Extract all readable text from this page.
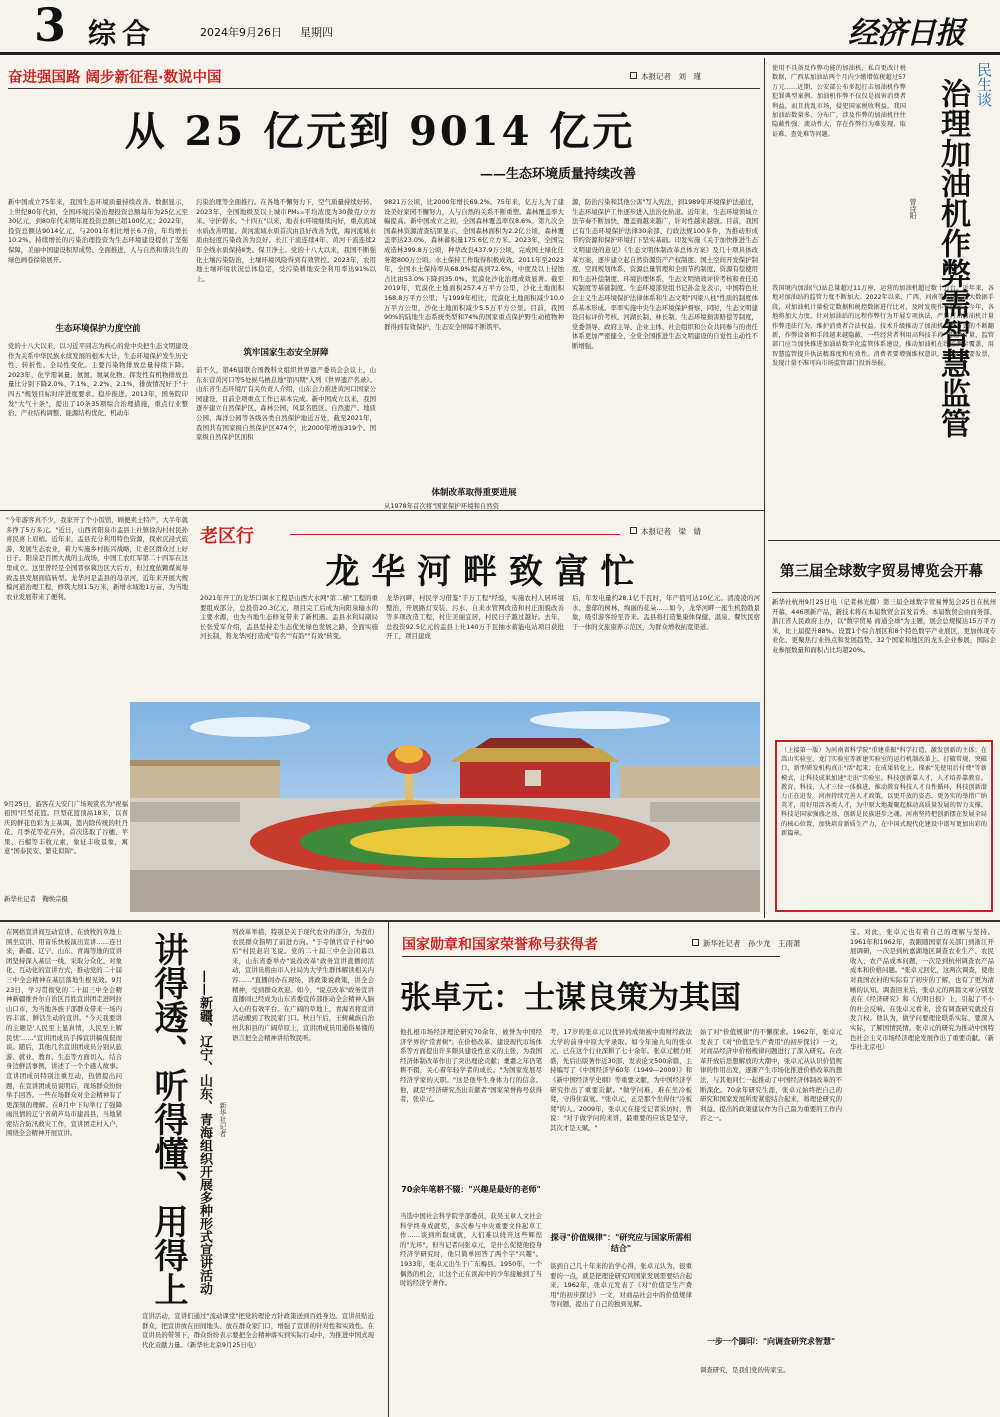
3 综合	2024年9月26日 星期四	经济日报
奋进强国路 阔步新征程·数说中国	本报记者　刘　瑾
从 25 亿元到 9014 亿元
——生态环境质量持续改善
新中国成立75年来，我国生态环境质量持续改善。数据显示，上世纪80年代初，全国环境污染治理投资总额每年为25亿元至30亿元，到80年代末期年度投资总额已超100亿元；2022年，投资总额达9014亿元，与2001年相比增长6.7倍，年均增长10.2%。持续增长的污染治理投资为生态环境建设提供了坚强保障，美丽中国建设积厚成势、全面推进，人与自然和谐共生的绿色画卷徐徐展开。
生态环境保护力度空前
党的十八大以来，以习近平同志为核心的党中央把生态文明建设作为关系中华民族永续发展的根本大计，生态环境保护发生历史性、转折性、全局性变化。主要污染物排放总量持续下降。2023年，化学需氧量、氨氮、氮氧化物、挥发性有机物排放总量比分别下降2.0%、7.1%、2.2%、2.1%，排放情况好于"十四五"规划目标时序进度要求。稳步推进。2013年，国务院印发"大气十条"，提出了10条35项综合治理措施，重点行业整治、产业结构调整、能源结构优化、机动车
污染治理等全面推行。在各地不懈努力下，空气质量持续好转。2023年，全国地级及以上城市PM₂.₅平均浓度为30微克/立方米。守护碧水。"十四五"以来，地表水环境继续向好，重点流域水质改善明显。黄河流域水质首次由良好改善为优，海河流域水质由轻度污染改善为良好。长江干流连续4年、黄河干流连续2年全线水质保持Ⅱ类。保卫净土。党的十八大以来，我国不断强化土壤污染防治，土壤环境风险得到有效管控。2023年，农用地土壤环境状况总体稳定，受污染耕地安全利用率达91%以上。
筑牢国家生态安全屏障
前不久，第46届联合国教科文组织世界遗产委员会会议上，山东东营黄河口等5处候鸟栖息地"第四期"入列《世界遗产名录》。山东省生态环境厅有关负责人介绍，山东会力推进黄河口国家公园建设，目前全项重点工作已基本完成。新中国成立以来，我国逐步建立自然保护区、森林公园、风景名胜区、自然遗产、地质公园、海洋公园等各级各类自然保护地近万处，截至2021年，我国共有国家级自然保护区474个，比2000年增加319个。国家级自然保护区面积
9821万公顷，比2000年增长69.2%。75年来，亿万人为了建设美好家园不懈努力，人与自然的关系不断重塑。森林覆盖率大幅提高。新中国成立之初，全国森林覆盖率仅8.6%。第九次全国森林资源清查结果显示，全国森林面积为2.2亿公顷，森林覆盖率达23.0%，森林蓄积量175.6亿立方米。2023年，全国完成造林399.8万公顷，种草改良437.9万公顷，完成国土绿化任务超800万公顷。水土保持工作取得积极成效。2011年至2023年，全国水土保持率从68.9%提高到72.6%，中度及以上侵蚀占比由53.0%下降到35.0%。荒漠化沙化治理成效显著。截至2019年，荒漠化土地面积257.4万平方公里，沙化土地面积168.8万平方公里；与1999年相比，荒漠化土地面积减少10.0万平方公里，沙化土地面积减少5.5万平方公里。目前，我国90%的陆地生态系统类型和74%的国家重点保护野生动植物种群得到有效保护，生态安全屏障不断筑牢。
体制改革取得重要进展
从1978年首次将"国家保护环境和自然资
源，防治污染和其他公害"写入宪法，到1989年环境保护法通过，生态环境保护工作逐步进入法治化轨道。近年来，生态环境领域立法节奏不断加快，覆盖面越来越广，针对性越来越强。目前，我国已有生态环境保护法律30余部、行政法规100多件，为推动形成节约资源和保护环境打下坚实基础。印发实施《关于加快推进生态文明建设的意见》《生态文明体制改革总体方案》及几十项具体改革方案，逐步建立起自然资源资产产权制度、国土空间开发保护制度、空间规划体系、资源总量管理和全面节约制度、资源有偿使用和生态补偿制度、环境治理体系、生态文明绩效评价考核和责任追究制度等基础制度。生态环境部党组书记孙金龙表示，中国特色社会主义生态环境保护法律体系和生态文明"四梁八柱"性质的制度体系基本形成。率率实施中央生态环境保护督察，同时，生态文明建设目标评价考核、河湖长制、林长制、生态环境损害赔偿等制度，党委领导、政府主导、企业主体、社会组织和公众共同参与的责任体系更加严密健全，全党全国推进生态文明建设的自觉性主动性不断增强。
民生谈
治理加油机作弊需智慧监管
曾诗阳
使用不具备反作弊功能的加油机，私自更改计税数据，广西某加油站两个月内少缴增值税超过57万元……近期，公安部公布多起打击加油机作弊犯罪典型案例。加油机作弊不仅仅是损害消费者利益，而且扰乱市场，侵犯国家税收利益。我国加油站数量多、分布广，涉及作弊的加油机往往隐蔽性强、流动性大，存在作弊行为难发现、取证难、查处难等问题。
我国境内加油(气)站总量超过11万座，运营的加油机超过数十万台。近年来，各地对加油站的监管力度不断加大。2022年以来，广西、河南等省份运用大数据手段，对加油机计量检定数据和税控数据进行比对，及时发现作弊线索。今年，各地将加大力度，针对加油站的远程作弊行为开展专项执法，严厉打击加油机计量作弊违法行为，维护消费者合法权益。技术升级推动了加油机作弊方式的不断翻新，作弊设备和手段越来越隐蔽，一些经营者利用高科技手段"遥控"计量，监管部门应当加快推进加油站数字化监管体系建设，推动加油机在线监测全覆盖，用智慧监管提升执法精准度和有效性。消费者要增强维权意识，加油后索要发票，发现计量不准可向市场监管部门投诉举报。
"今年游客真不少，我家开了个小饭馆，顾便卖土特产，大半年就多挣了5万多元。"近日，山西省阳泉市盂县上社镇徐沟村村民孙喜民喜上眉梢。近年来，盂县充分利用特色资源，探索沉浸式旅游，发展生态农业，着力实施乡村振兴战略，让老区群众过上好日子。阳泉是百团大战的主战场，中国工农红军第二十四军在这里成立。这里曾经是全国晋察冀边区大后方，但过度依赖煤炭导致盂县发展面临转型。龙华河是盂县的母亲河，近年来开展大规模河道治理工程，修筑大坝1.5万米，新增水域地1万亩，为当地农业发展带来了便利。
老区行	本报记者　梁　婧
龙 华 河 畔 致 富 忙
2021年开工的龙华口调水工程是山西大水网"第二横"工程的重要组成部分，总投资20.3亿元，项目完工后成为向阳泉输水的主要水源，也为当地生态修复带来了新机遇。盂县水利局副局长张爱军介绍，盂县坚持走生态优先绿色发展之路，全面实施河长制，将龙华河打造成"有名""有韵""有效"转变。
龙华河畔，村民学习借鉴"千万工程"经验，实施农村人居环境整治，开展路灯安装、污水、自来水管网改造和村庄面貌改善等多项改造工程，村庄美丽宜居，村民日子越过越好。去年，总投资92.5亿元的盂县上社140万千瓦抽水蓄能电站项目获批开工，项目建成
后，年发电量约28.1亿千瓦时，年产值可达10亿元。清凌凌的河水、葱郁的树林、绚丽的花朵……如今，龙华河畔一座生机勃勃景象，吸引游客纷至沓来。盂县将打造集康体保健、温泉、餐饮民宿于一体的文旅康养示范区，为群众增收拓宽渠道。
9月25日，游客在天安门广场观赏名为"祝福祖国"巨型花篮。巨型花篮顶高18米，以喜庆的鲜花色彩为主基调，篮内除传统的牡丹花、月季花等花卉外，首次选取了谷穗、苹果、石榴等丰收元素，象征丰收景象，寓意"国泰民安、繁花似锦"。
新华社记者　鞠焕宗摄
第三届全球数字贸易博览会开幕
新华社杭州9月25日电（记者林光耀）第三届全球数字贸易博览会25日在杭州开幕，446项新产品、新技术将在本届数贸会首发首秀。本届数贸会由商务部、浙江省人民政府主办，以"数字贸易 商通全球"为主题，展会总规模达15万平方米，比上届提升88%。设置1个综合展区和8个特色数字产业展区，更加体现专业化、更聚焦行业热点和发展趋势。32个国家和地区的龙头企业参展，国际企业参展数量和面积占比均超20%。
（上接第一版）为河南省科学院"重建重振"科学打造，激发创新的主体；在嵩山实验室、龙门实验室等新建实验室的运行机制改革上，打破常规，突破口，新型研发机构真正"活"起来；在成果转化上，探索"先使用后付费"等新模式，让科技成果加速"走出"实验室。科技创新靠人才，人才培养靠教育。教育、科技、人才三位一体推进，推动教育科技人才良性循环，科技创新潜力正在迸发。河南持续完善人才政策，以更开放的姿态、更务实的举措广纳英才，用好用活各类人才，为中原大地凝聚起推动高质量发展的智力支撑。科技是国家强盛之基，创新是民族进步之魂。河南坚持把创新摆在发展全局的核心位置，加快培育新质生产力，在中国式现代化建设中谱写更加出彩的新篇章。
在网格宣讲间互动宣讲、在放牧的草地上围坐宣讲、用音乐快板演出宣讲……连日来，新疆、辽宁、山东、青海等地的宣讲团坚持深入基层一线，采取分众化、对象化、互动化的宣讲方式，推动党的二十届三中全会精神在基层落地生根见效。9月23日，学习贯彻党的二十届三中全会精神新疆维吾尔自治区百姓宣讲团走进阿拉山口市，为当地各族干部群众带来一场内容丰富、鲜活生动的宣讲。"今天我要讲的主题是'人民至上显真情，人民至上解民忧'……"宣讲团成员手捧宣讲稿侃侃而谈。随后，其他几名宣讲团成员分别从旅游、就业、教育、生态等方面切入，结合身边鲜活事例，讲述了一个个感人故事。宣讲团成员特别注重互动，热情提出问题，在宣讲团成员说明后，现场群众纷纷举手回答。一些在场群众对全会精神有了更深刻的理解。在8月中下旬举行了强降雨汛情的辽宁省葫芦岛市建昌县，当地紧密结合防汛救灾工作，宣讲团走村入户，围绕全会精神开展宣讲。	讲得透、听得懂、用得上 ——新疆、辽宁、山东、青海组织开展多种形式宣讲活动 新华社记者
列改革举措，特别是关于现代农业的部分，为我们农民群众指明了前进方向。"于寺镇官营子村"90后"村民赵岩飞说。党的二十届三中全会闭幕以来，山东省委举办"说改改革"政务宣讲直播间活动，宣讲员将由市人社局为大学生群体解读相关内容……"直播间办在现场，讲政策说政策，讲全会精神，受到群众欢迎。如今，"说点改革"政务宣讲直播间已经成为山东省委宣传部推动全会精神入脑入心的有效平台。在广阔的草地上，青海省将宣讲活动搬到了牧民家门口。秋日午后，王树藏族自治州共和县的广阔草原上，宣讲团成员用通俗易懂的语言把全会精神讲给牧民听。
宣讲活动，宣讲们通过"流动课堂"把党的理论方针政策送到百姓身边。宣讲员贴近群众，把宣讲放在田间地头、放在群众家门口，增强了宣讲的针对性和实效性。在宣讲员的带领下，群众纷纷表示要把全会精神落实到实际行动中，为推进中国式现代化贡献力量。（新华社北京9月25日电）
国家勋章和国家荣誉称号获得者	新华社记者　孙少龙　王雨萧
张卓元：士谋良策为其国
他扎根市场经济理论研究70余年，被誉为中国经济学界的"常青树"；在价格改革、建设现代市场体系等方面提出许多颇具建设性意义的主张，为我国经济体制改革作出了突出理论贡献；耄耋之年仍笔耕不辍，关心着年轻学者的成长。"为国家发展尽经济学家的天职。"这是他毕生身体力行的信念。他，就是"经济研究杰出贡献者"国家荣誉称号获得者，张卓元。
70余年笔耕不辍："兴趣是最好的老师"
当选中国社会科学院学部委员，获吴玉章人文社会科学终身成就奖，多次参与中央重要文件起草工作……谈到所取成就，人们难以绕开这些辉煌的"光环"。但当记者问张卓元，是什么促使他投身经济学研究时，他只简单回答了两个字"兴趣"。1933年，张卓元出生于广东梅县。1950年，一个偶然的机会，让这个正在读高中的少年接触到了当时的经济学著作。
考，17岁的张卓元以优异的成绩被中南财经政法大学的前身中原大学录取。如今年逾九旬的张卓元，已在这个行业深耕了七十余年。张卓元精力旺盛，先后出版著作近30部、发表论文500余篇，主持编写了《中国经济学60年（1949—2009）》和《新中国经济学史纲》等重要文献，为中国经济学研究作出了重要贡献。"做学问难，难在坐冷板凳，守得住寂寞。"张卓元，正是那个坐得住"冷板凳"的人。2009年，张卓元在接受记者采访时，曾说："对于做学问的来讲，最重要的应该是坚守，其次才是天赋。"
探寻"价值规律"："研究应与国家所需相结合"
谈到自己几十年来的治学心得，张卓元认为，很重要的一点，就是把理论研究同国家发展需要结合起来。1962年，张卓元发表了《对"价值是生产费用"的初步探讨》一文，对商品社会中的价值规律等问题，提出了自己的独到见解。
始了对"价值规律"的不懈探求。1962年，张卓元发表了《对"价值是生产费用"的初步探讨》一文，对商品经济中价格规律问题进行了深入研究。在改革开放后思想解放的大潮中，张卓元从认识价值规律的作用出发，逐渐产生市场化推进价格改革的想法，与其他同仁一起推动了中国经济体制改革的不断深化。70余年研究生涯，张卓元始终把自己的研究和国家发展所需紧密结合起来，将理论研究的利益、提出的政策建议作为自己最为重要的工作内容之一。
一步一个脚印："向调查研究求智慧"
调查研究，是我们党的传家宝。
宝。对此，张卓元也有着自己的理解与坚持。1961年和1962年，我跟随国家有关部门到浙江开展调研，一次是到杭嘉湖地区调查农业生产、农民收入、农产品成本问题，一次是到杭州调查农产品成本和价格问题。"张卓元回忆，这两次调查，使他对我国农村的实际有了初步的了解，也有了更为清晰的认知。调查回来后，张卓元的两篇文章分别发表在《经济研究》和《光明日报》上，引起了不小的社会反响。在张卓元看来，没有调查研究就没有发言权。他认为，做学问要理论联系实际，要深入实际，了解国情民情。张卓元的研究为推动中国特色社会主义市场经济理论发展作出了重要贡献。（新华社北京电）
